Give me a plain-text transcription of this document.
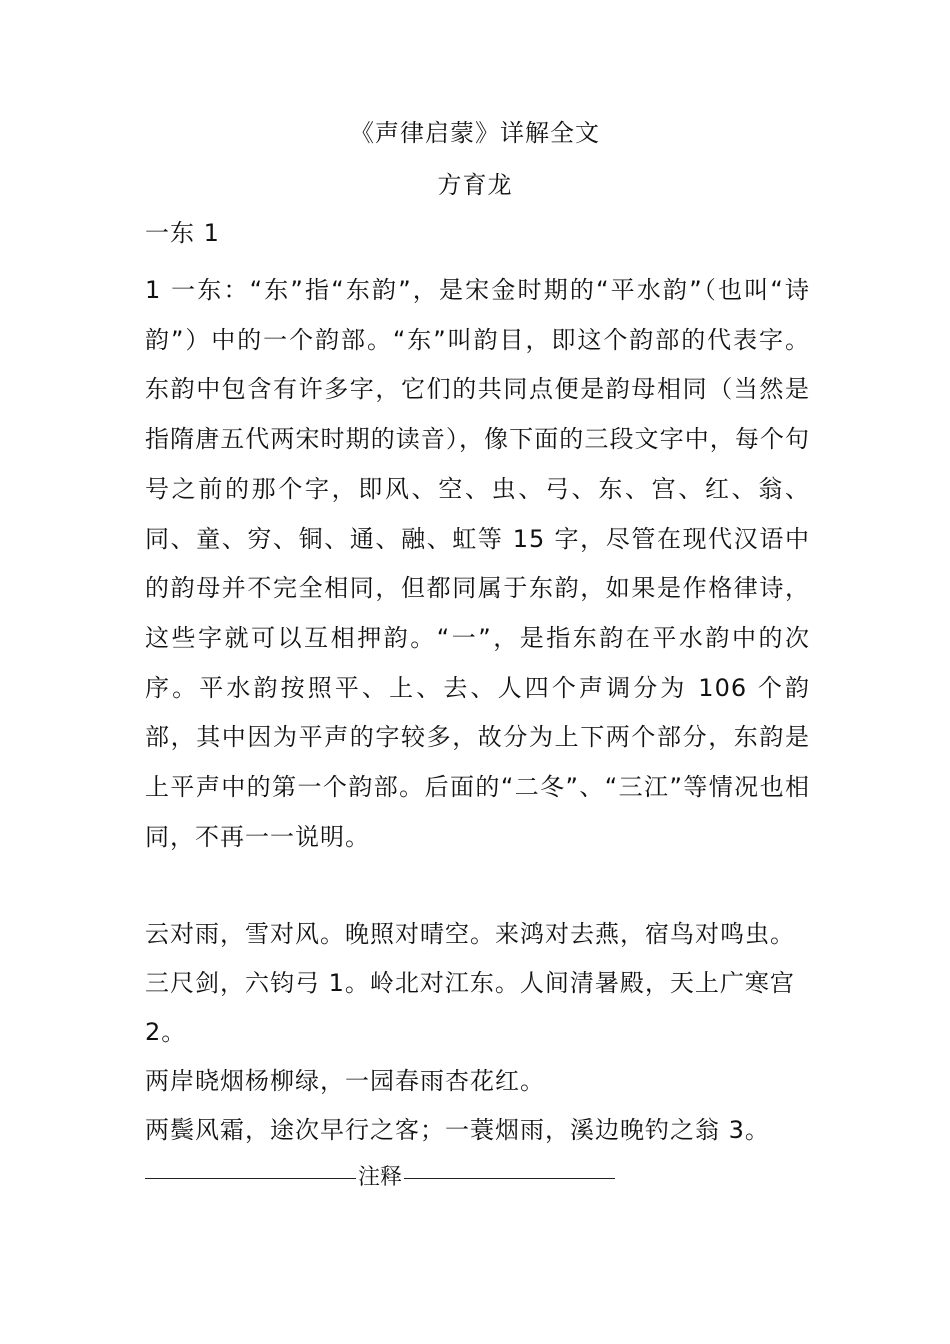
《声律启蒙》详解全文
方育龙
一东 1
1 一东：“东”指“东韵”，是宋金时期的“平水韵”（也叫“诗韵”）中的一个韵部。“东”叫韵目，即这个韵部的代表字。东韵中包含有许多字，它们的共同点便是韵母相同（当然是指隋唐五代两宋时期的读音），像下面的三段文字中，每个句号之前的那个字，即风、空、虫、弓、东、宫、红、翁、同、童、穷、铜、通、融、虹等 15 字，尽管在现代汉语中的韵母并不完全相同，但都同属于东韵，如果是作格律诗，这些字就可以互相押韵。“一”，是指东韵在平水韵中的次序。平水韵按照平、上、去、人四个声调分为 106 个韵部，其中因为平声的字较多，故分为上下两个部分，东韵是上平声中的第一个韵部。后面的“二冬”、“三江”等情况也相同，不再一一说明。

云对雨，雪对风。晚照对晴空。来鸿对去燕，宿鸟对鸣虫。三尺剑，六钧弓 1。岭北对江东。人间清暑殿，天上广寒宫 2。

两岸晓烟杨柳绿，一园春雨杏花红。

两鬓风霜，途次早行之客；一蓑烟雨，溪边晚钓之翁 3。

注释
